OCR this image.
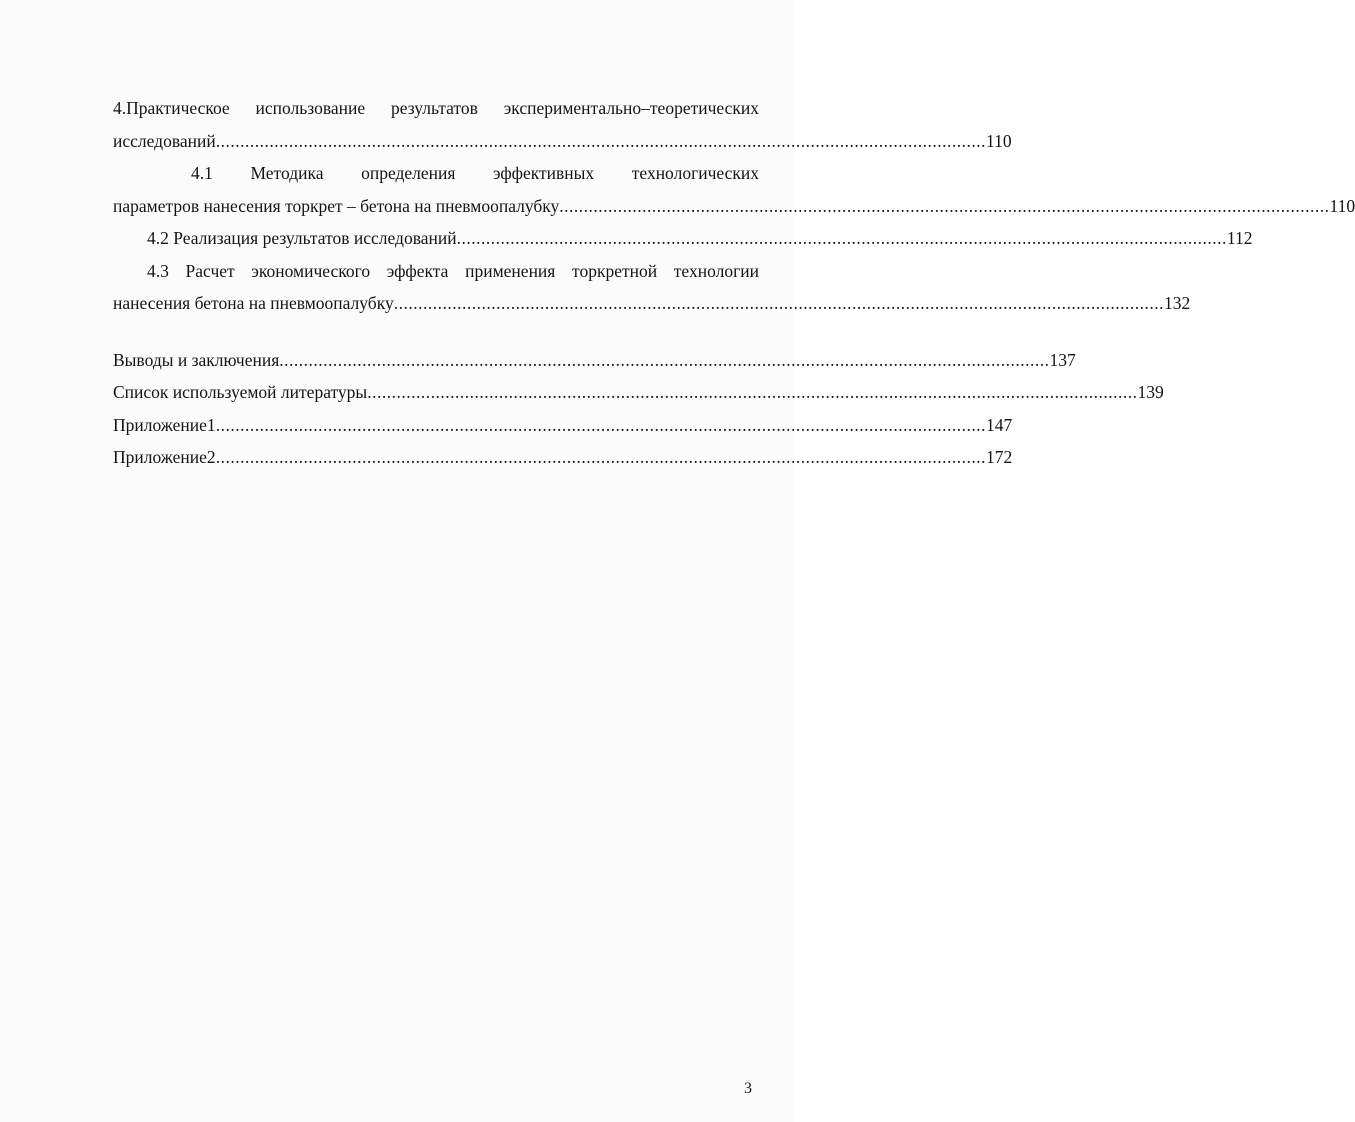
4.Практическое использование результатов экспериментально–теоретических
исследований .............................................................................................................................................................. 110
4.1 Методика определения эффективных технологических
параметров нанесения торкрет – бетона на пневмоопалубку .............................................................................................................................................................. 110
4.2 Реализация результатов исследований .............................................................................................................................................................. 112
4.3 Расчет экономического эффекта применения торкретной технологии
нанесения бетона на пневмоопалубку .............................................................................................................................................................. 132
Выводы и заключения .............................................................................................................................................................. 137
Список используемой литературы .............................................................................................................................................................. 139
Приложение1 .............................................................................................................................................................. 147
Приложение2 .............................................................................................................................................................. 172
3
